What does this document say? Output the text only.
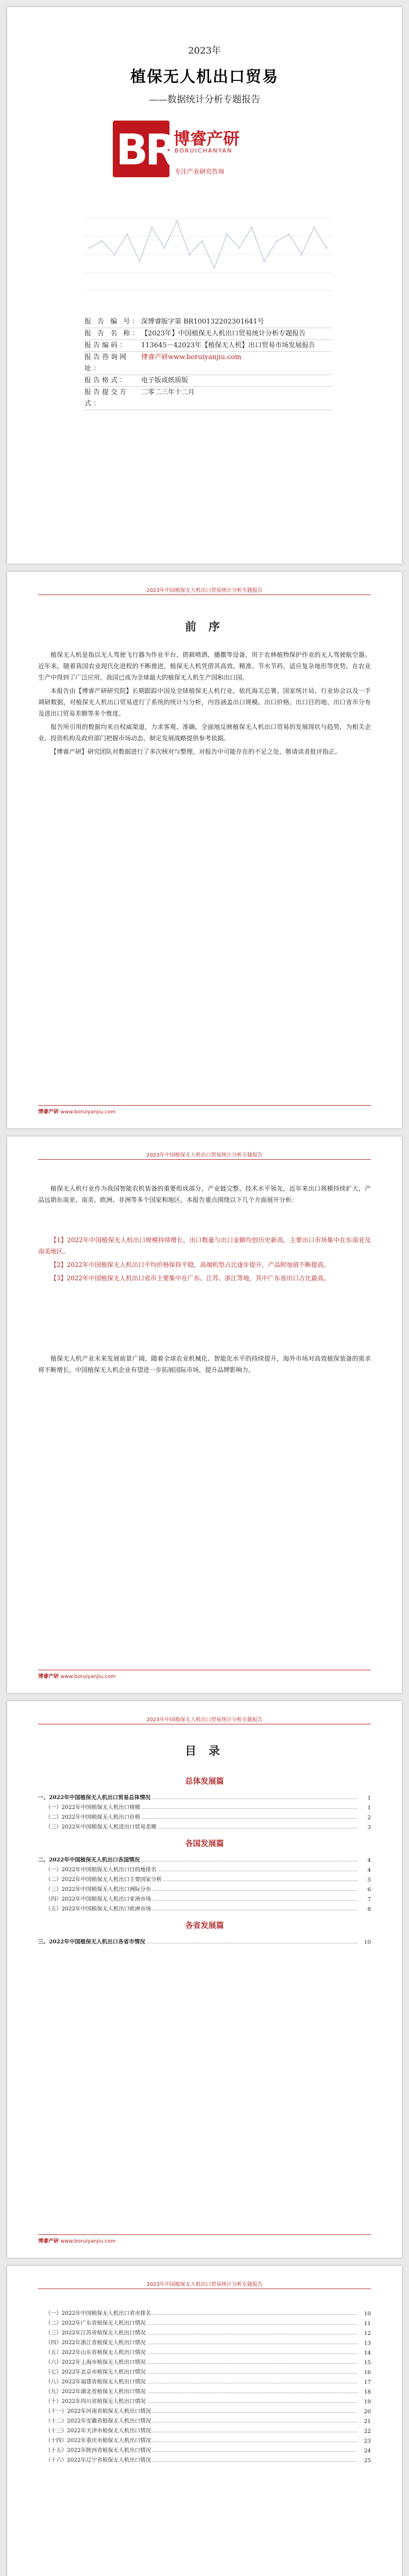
2023年
植保无人机出口贸易
——数据统计分析专题报告
BR
博睿产研
BORUICHANYAN
专注产业研究咨询
报 告 编 号： 深博睿版字第 BR100132202301641号
报 告 名 称： 【2023年】中国植保无人机出口贸易统计分析专题报告
报告编码：	113645－42023年【植保无人机】出口贸易市场发展报告
报告咨询网址：
博睿产研www.boruiyanjiu.com
报告格式：	电子版或纸质版
报告提交方式：
二零二三年十二月
2023年中国植保无人机出口贸易统计分析专题报告
前 序

植保无人机是指以无人驾驶飞行器为作业平台，搭载喷洒、播撒等设备，用于农林植物保护作业的无人驾驶航空器。近年来，随着我国农业现代化进程的不断推进，植保无人机凭借其高效、精准、节水节药、适应复杂地形等优势，在农业生产中得到了广泛应用，我国已成为全球最大的植保无人机生产国和出口国。

本报告由【博睿产研研究院】长期跟踪中国及全球植保无人机行业，依托海关总署、国家统计局、行业协会以及一手调研数据，对植保无人机出口贸易进行了系统的统计与分析，内容涵盖出口规模、出口价格、出口目的地、出口省市分布及进出口贸易差额等多个维度。

报告所引用的数据均来自权威渠道，力求客观、准确、全面地反映植保无人机出口贸易的发展现状与趋势，为相关企业、投资机构及政府部门把握市场动态、制定发展战略提供参考依据。

【博睿产研】研究团队对数据进行了多次核对与整理，对报告中可能存在的不足之处，敬请读者批评指正。

博睿产研 www.boruiyanjiu.com
2023年中国植保无人机出口贸易统计分析专题报告

植保无人机行业作为我国智能农机装备的重要组成部分，产业链完整、技术水平领先，近年来出口规模持续扩大，产品远销东南亚、南美、欧洲、非洲等多个国家和地区。本报告重点围绕以下几个方面展开分析：

【1】2022年中国植保无人机出口规模持续增长，出口数量与出口金额均创历史新高，主要出口市场集中在东南亚及南美地区。

【2】2022年中国植保无人机出口平均价格保持平稳，高端机型占比逐步提升，产品附加值不断提高。

【3】2022年中国植保无人机出口省市主要集中在广东、江苏、浙江等地，其中广东省出口占比最高。

植保无人机产业未来发展前景广阔，随着全球农业机械化、智能化水平的持续提升，海外市场对高效植保装备的需求将不断增长，中国植保无人机企业有望进一步拓展国际市场，提升品牌影响力。

博睿产研 www.boruiyanjiu.com
2023年中国植保无人机出口贸易统计分析专题报告
目 录
总体发展篇
一、2022年中国植保无人机出口贸易总体情况	1
（一）2022年中国植保无人机出口规模	1
（二）2022年中国植保无人机出口价格	2
（三）2022年中国植保无人机进出口贸易差额	3
各国发展篇
二、2022年中国植保无人机出口各国情况	4
（一）2022年中国植保无人机出口目的地排名	4
（二）2022年中国植保无人机出口主要国家分析	5
（三）2022年中国植保无人机出口洲际分布	6
（四）2022年中国植保无人机出口亚洲市场	7
（五）2022年中国植保无人机出口欧洲市场	8
各省发展篇
三、2022年中国植保无人机出口各省市情况	10
博睿产研 www.boruiyanjiu.com
2023年中国植保无人机出口贸易统计分析专题报告
（一）2022年中国植保无人机出口省市排名	10
（二）2022年广东省植保无人机出口情况	11
（三）2022年江苏省植保无人机出口情况	12
（四）2022年浙江省植保无人机出口情况	13
（五）2022年山东省植保无人机出口情况	14
（六）2022年上海市植保无人机出口情况	15
（七）2022年北京市植保无人机出口情况	16
（八）2022年福建省植保无人机出口情况	17
（九）2022年湖北省植保无人机出口情况	18
（十）2022年四川省植保无人机出口情况	19
（十一）2022年河南省植保无人机出口情况	20
（十二）2022年安徽省植保无人机出口情况	21
（十三）2022年天津市植保无人机出口情况	22
（十四）2022年重庆市植保无人机出口情况	23
（十五）2022年陕西省植保无人机出口情况	24
（十六）2022年辽宁省植保无人机出口情况	25
